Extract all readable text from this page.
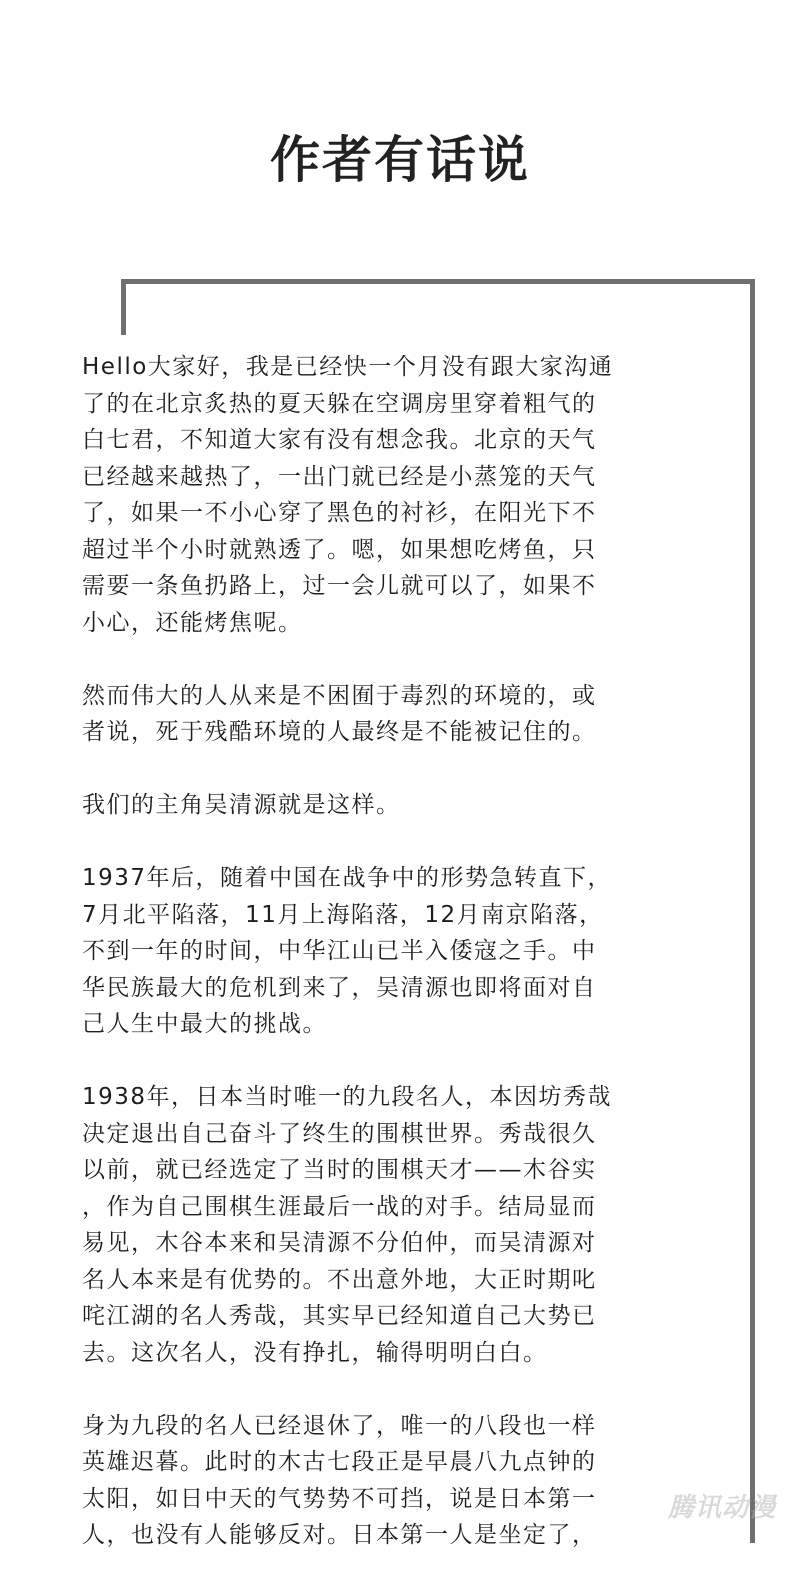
作者有话说

Hello大家好，我是已经快一个月没有跟大家沟通
了的在北京炙热的夏天躲在空调房里穿着粗气的
白七君，不知道大家有没有想念我。北京的天气
已经越来越热了，一出门就已经是小蒸笼的天气
了，如果一不小心穿了黑色的衬衫，在阳光下不
超过半个小时就熟透了。嗯，如果想吃烤鱼，只
需要一条鱼扔路上，过一会儿就可以了，如果不
小心，还能烤焦呢。

然而伟大的人从来是不困囿于毒烈的环境的，或
者说，死于残酷环境的人最终是不能被记住的。

我们的主角吴清源就是这样。

1937年后，随着中国在战争中的形势急转直下，
7月北平陷落，11月上海陷落，12月南京陷落，
不到一年的时间，中华江山已半入倭寇之手。中
华民族最大的危机到来了，吴清源也即将面对自
己人生中最大的挑战。

1938年，日本当时唯一的九段名人，本因坊秀哉
决定退出自己奋斗了终生的围棋世界。秀哉很久
以前，就已经选定了当时的围棋天才——木谷实
，作为自己围棋生涯最后一战的对手。结局显而
易见，木谷本来和吴清源不分伯仲，而吴清源对
名人本来是有优势的。不出意外地，大正时期叱
咤江湖的名人秀哉，其实早已经知道自己大势已
去。这次名人，没有挣扎，输得明明白白。

身为九段的名人已经退休了，唯一的八段也一样
英雄迟暮。此时的木古七段正是早晨八九点钟的
太阳，如日中天的气势势不可挡，说是日本第一
人，也没有人能够反对。日本第一人是坐定了，

腾讯动漫
